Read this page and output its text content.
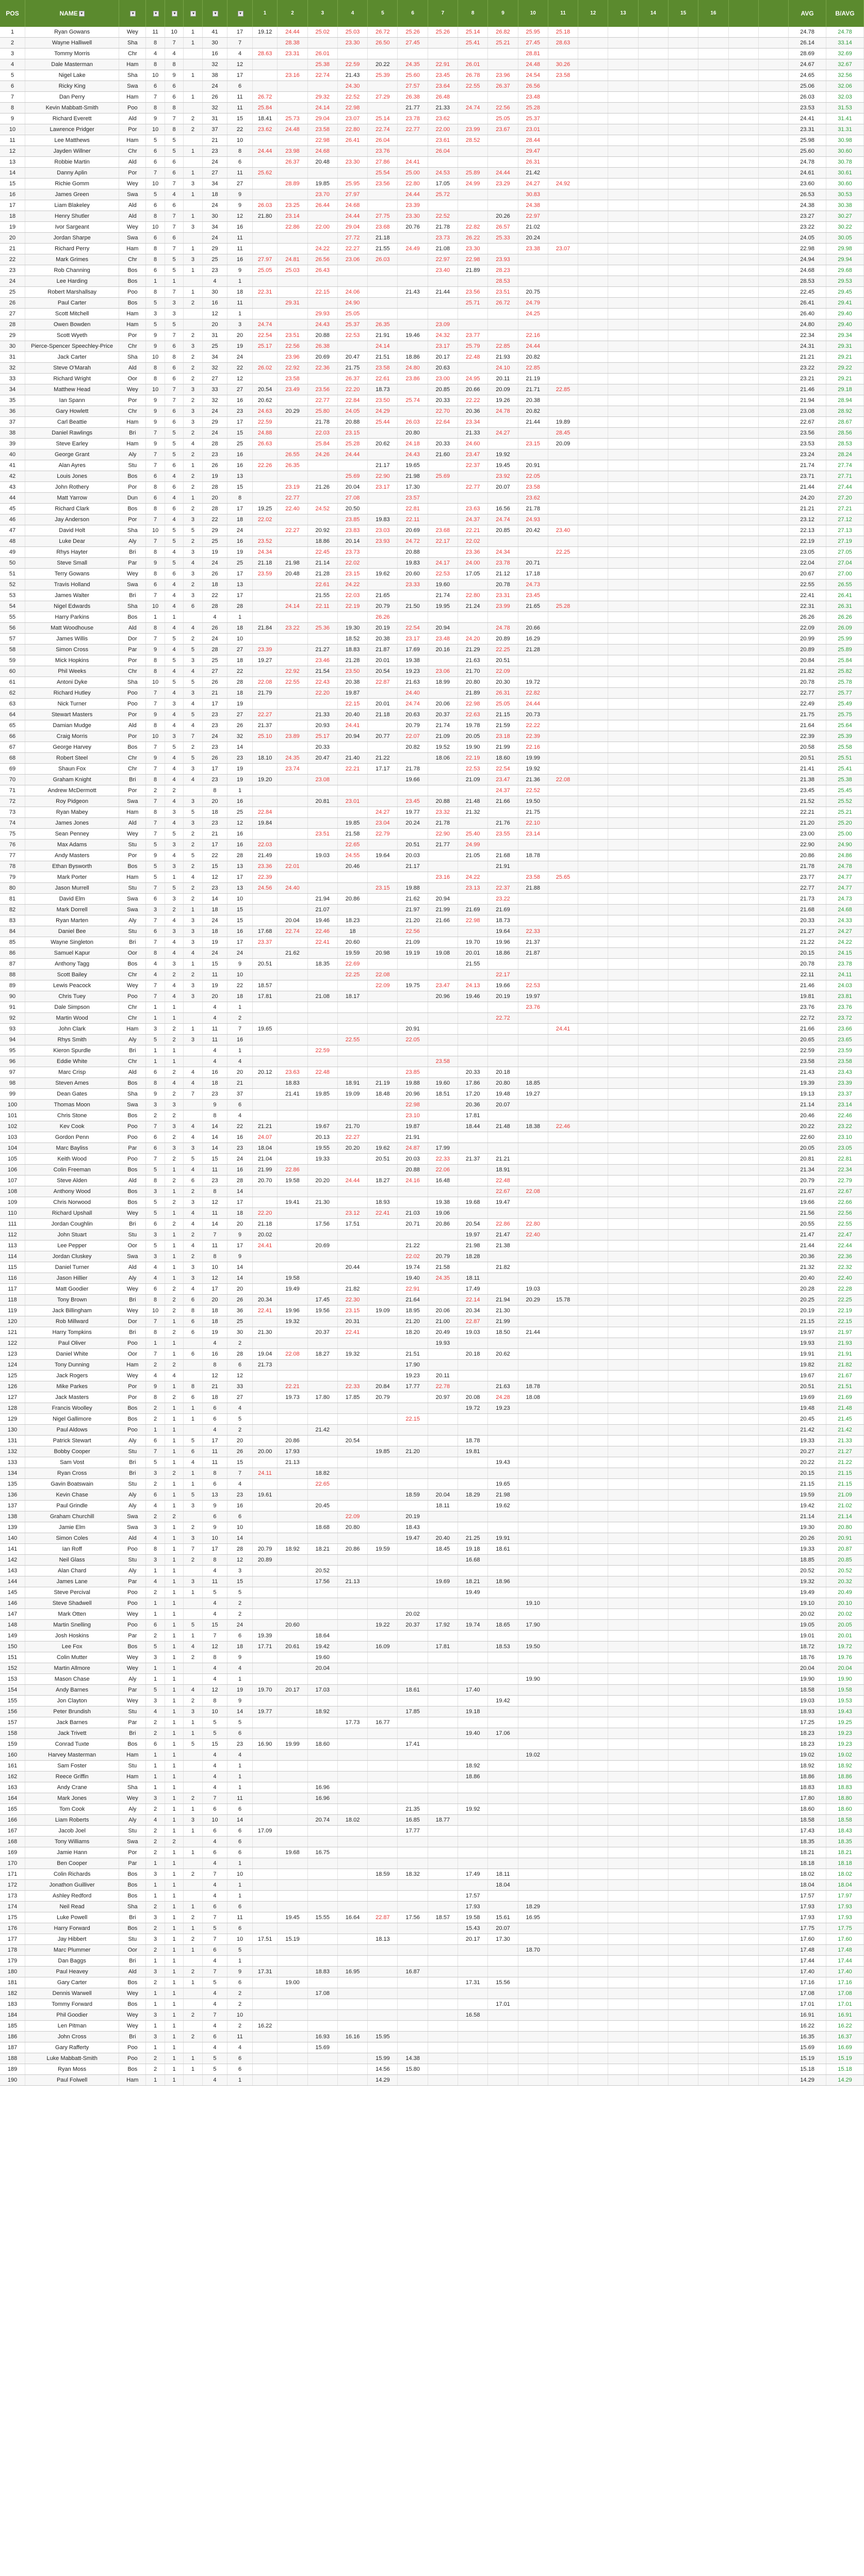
POS	NAME ▾	▾	▾	▾	▾	▾	▾	1	2	3	4	5	6	7	8	9	10	11	12	13	14	15	16			AVG	B/AVG
1	Ryan Gowans	Wey	11	10	1	41	17	19.12	24.44	25.02	25.03	26.72	25.26	25.26	25.14	26.82	25.95	25.18								24.78	24.78
2	Wayne Halliwell	Sha	8	7	1	30	7		28.38		23.30	26.50	27.45		25.41	25.21	27.45	28.63								26.14	33.14
3	Tommy Morris	Chr	4	4		16	4	28.63	23.31	26.01							28.81									28.69	32.69
4	Dale Masterman	Ham	8	8		32	12			25.38	22.59	20.22	24.35	22.91	26.01		24.48	30.26								24.67	32.67
5	Nigel Lake	Sha	10	9	1	38	17		23.16	22.74	21.43	25.39	25.60	23.45	26.78	23.96	24.54	23.58								24.65	32.56
6	Ricky King	Swa	6	6		24	6				24.30		27.57	23.64	22.55	26.37	26.56									25.06	32.06
7	Dan Perry	Ham	7	6	1	26	11	26.72		29.32	22.52	27.29	26.38	26.48			23.48									26.03	32.03
8	Kevin Mabbatt-Smith	Poo	8	8		32	11	25.84		24.14	22.98		21.77	21.33	24.74	22.56	25.28									23.53	31.53
9	Richard Everett	Ald	9	7	2	31	15	18.41	25.73	29.04	23.07	25.14	23.78	23.62		25.05	25.37									24.41	31.41
10	Lawrence Pridger	Por	10	8	2	37	22	23.62	24.48	23.58	22.80	22.74	22.77	22.00	23.99	23.67	23.01									23.31	31.31
11	Lee Matthews	Ham	5	5		21	10			22.98	26.41	26.04		23.61	28.52		28.44									25.98	30.98
12	Jayden Willner	Chr	6	5	1	23	8	24.44	23.98	24.68		23.76		26.04			29.47									25.60	30.60
13	Robbie Martin	Ald	6	6		24	6		26.37	20.48	23.30	27.86	24.41				26.31									24.78	30.78
14	Danny Aplin	Por	7	6	1	27	11	25.62				25.54	25.00	24.53	25.89	24.44	21.42									24.61	30.61
15	Richie Gomm	Wey	10	7	3	34	27		28.89	19.85	25.95	23.56	22.80	17.05	24.99	23.29	24.27	24.92								23.60	30.60
16	James Green	Swa	5	4	1	18	9			23.70	27.97		24.44	25.72			30.83									26.53	30.53
17	Liam Blakeley	Ald	6	6		24	9	26.03	23.25	26.44	24.68		23.39				24.38									24.38	30.38
18	Henry Shutler	Ald	8	7	1	30	12	21.80	23.14		24.44	27.75	23.30	22.52		20.26	22.97									23.27	30.27
19	Ivor Sargeant	Wey	10	7	3	34	16		22.86	22.00	29.04	23.68	20.76	21.78	22.82	26.57	21.02									23.22	30.22
20	Jordan Sharpe	Swa	6	6		24	11				27.72	21.18		23.73	26.22	25.33	20.24									24.05	30.05
21	Richard Perry	Ham	8	7	1	29	11			24.22	22.27	21.55	24.49	21.08	23.30		23.38	23.07								22.98	29.98
22	Mark Grimes	Chr	8	5	3	25	16	27.97	24.81	26.56	23.06	26.03		22.97	22.98	23.93										24.94	29.94
23	Rob Channing	Bos	6	5	1	23	9	25.05	25.03	26.43				23.40	21.89	28.23										24.68	29.68
24	Lee Harding	Bos	1	1		4	1									28.53										28.53	29.53
25	Robert Marshallsay	Poo	8	7	1	30	18	22.31		22.15	24.06		21.43	21.44	23.56	23.51	20.75									22.45	29.45
26	Paul Carter	Bos	5	3	2	16	11		29.31		24.90				25.71	26.72	24.79									26.41	29.41
27	Scott Mitchell	Ham	3	3		12	1			29.93	25.05						24.25									26.40	29.40
28	Owen Bowden	Ham	5	5		20	3	24.74		24.43	25.37	26.35		23.09												24.80	29.40
29	Scott Wyeth	Por	9	7	2	31	20	22.54	23.51	20.88	22.53	21.91	19.46	24.32	23.77		22.16									22.34	29.34
30	Pierce-Spencer Speechley-Price	Chr	9	6	3	25	19	25.17	22.56	26.38		24.14		23.17	25.79	22.85	24.44									24.31	29.31
31	Jack Carter	Sha	10	8	2	34	24		23.96	20.69	20.47	21.51	18.86	20.17	22.48	21.93	20.82									21.21	29.21
32	Steve O'Marah	Ald	8	6	2	32	22	26.02	22.92	22.36	21.75	23.58	24.80	20.63		24.10	22.85									23.22	29.22
33	Richard Wright	Oor	8	6	2	27	12		23.58		26.37	22.61	23.86	23.00	24.95	20.11	21.19									23.21	29.21
34	Matthew Head	Wey	10	7	3	33	27	20.54	23.49	23.56	22.20	18.73		20.85	20.66	20.09	21.71	22.85								21.46	29.18
35	Ian Spann	Por	9	7	2	32	16	20.62		22.77	22.84	23.50	25.74	20.33	22.22	19.26	20.38									21.94	28.94
36	Gary Howlett	Chr	9	6	3	24	23	24.63	20.29	25.80	24.05	24.29		22.70	20.36	24.78	20.82									23.08	28.92
37	Carl Beattie	Ham	9	6	3	29	17	22.59		21.78	20.88	25.44	26.03	22.64	23.34		21.44	19.89								22.67	28.67
38	Daniel Rawlings	Bri	7	5	2	24	15	24.88		22.03	23.15		20.80		21.33	24.27		28.45								23.56	28.56
39	Steve Earley	Ham	9	5	4	28	25	26.63		25.84	25.28	20.62	24.18	20.33	24.60		23.15	20.09								23.53	28.53
40	George Grant	Aly	7	5	2	23	16		26.55	24.26	24.44		24.43	21.60	23.47	19.92										23.24	28.24
41	Alan Ayres	Stu	7	6	1	26	16	22.26	26.35			21.17	19.65		22.37	19.45	20.91									21.74	27.74
42	Louis Jones	Bos	6	4	2	19	13				25.69	22.90	21.98	25.69		23.92	22.05									23.71	27.71
43	John Rothery	Por	8	6	2	28	15		23.19	21.26	20.04	23.17	17.30		22.77	20.07	23.58									21.44	27.44
44	Matt Yarrow	Dun	6	4	1	20	8		22.77		27.08		23.57				23.62									24.20	27.20
45	Richard Clark	Bos	8	6	2	28	17	19.25	22.40	24.52	20.50		22.81		23.63	16.56	21.78									21.21	27.21
46	Jay Anderson	Por	7	4	3	22	18	22.02			23.85	19.83	22.11		24.37	24.74	24.93									23.12	27.12
47	David Holt	Sha	10	5	5	29	24		22.27	20.92	23.83	23.03	20.69	23.68	22.21	20.85	20.42	23.40								22.13	27.13
48	Luke Dear	Aly	7	5	2	25	16	23.52		18.86	20.14	23.93	24.72	22.17	22.02											22.19	27.19
49	Rhys Hayter	Bri	8	4	3	19	19	24.34		22.45	23.73		20.88		23.36	24.34		22.25								23.05	27.05
50	Steve Small	Par	9	5	4	24	25	21.18	21.98	21.14	22.02		19.83	24.17	24.00	23.78	20.71									22.04	27.04
51	Terry Gowans	Wey	8	6	3	26	17	23.59	20.48	21.28	23.15	19.62	20.60	22.53	17.05	21.12	17.18									20.67	27.00
52	Travis Holland	Swa	6	4	2	18	13			22.61	24.22		23.33	19.60		20.78	24.73									22.55	26.55
53	James Walter	Bri	7	4	3	22	17			21.55	22.03	21.65		21.74	22.80	23.31	23.45									22.41	26.41
54	Nigel Edwards	Sha	10	4	6	28	28		24.14	22.11	22.19	20.79	21.50	19.95	21.24	23.99	21.65	25.28								22.31	26.31
55	Harry Parkins	Bos	1	1		4	1					26.26														26.26	26.26
56	Matt Woodhouse	Ald	8	4	4	26	18	21.84	23.22	25.36	19.30	20.19	22.54	20.94		24.78	20.66									22.09	26.09
57	James Willis	Dor	7	5	2	24	10				18.52	20.38	23.17	23.48	24.20	20.89	16.29									20.99	25.99
58	Simon Cross	Par	9	4	5	28	27	23.39		21.27	18.83	21.87	17.69	20.16	21.29	22.25	21.28									20.89	25.89
59	Mick Hopkins	Por	8	5	3	25	18	19.27		23.46	21.28	20.01	19.38		21.63	20.51										20.84	25.84
60	Phil Weeks	Chr	8	4	4	27	22		22.92	21.54	23.50	20.54	19.23	23.06	21.70	22.09										21.82	25.82
61	Antoni Dyke	Sha	10	5	5	26	28	22.08	22.55	22.43	20.38	22.87	21.63	18.99	20.80	20.30	19.72									20.78	25.78
62	Richard Hutley	Poo	7	4	3	21	18	21.79		22.20	19.87		24.40		21.89	26.31	22.82									22.77	25.77
63	Nick Turner	Poo	7	3	4	17	19				22.15	20.01	24.74	20.06	22.98	25.05	24.44									22.49	25.49
64	Stewart Masters	Por	9	4	5	23	27	22.27		21.33	20.40	21.18	20.63	20.37	22.63	21.15	20.73									21.75	25.75
65	Damian Mudge	Ald	8	4	4	23	26	21.37		20.93	24.41		20.79	21.74	19.78	21.59	22.22									21.64	25.64
66	Craig Morris	Por	10	3	7	24	32	25.10	23.89	25.17	20.94	20.77	22.07	21.09	20.05	23.18	22.39									22.39	25.39
67	George Harvey	Bos	7	5	2	23	14			20.33			20.82	19.52	19.90	21.99	22.16									20.58	25.58
68	Robert Steel	Chr	9	4	5	26	23	18.10	24.35	20.47	21.40	21.22		18.06	22.19	18.60	19.99									20.51	25.51
69	Shaun Fox	Chr	7	4	3	17	19		23.74		22.21	17.17	21.78		22.53	22.54	19.92									21.41	25.41
70	Graham Knight	Bri	8	4	4	23	19	19.20		23.08			19.66		21.09	23.47	21.36	22.08								21.38	25.38
71	Andrew McDermott	Por	2	2		8	1									24.37	22.52									23.45	25.45
72	Roy Pidgeon	Swa	7	4	3	20	16			20.81	23.01		23.45	20.88	21.48	21.66	19.50									21.52	25.52
73	Ryan Mabey	Ham	8	3	5	18	25	22.84				24.27	19.77	23.32	21.32		21.75									22.21	25.21
74	James Jones	Ald	7	4	3	23	12	19.84			19.85	23.04	20.24	21.78		21.76	22.10									21.20	25.20
75	Sean Penney	Wey	7	5	2	21	16			23.51	21.58	22.79		22.90	25.40	23.55	23.14									23.00	25.00
76	Max Adams	Stu	5	3	2	17	16	22.03			22.65		20.51	21.77	24.99											22.90	24.90
77	Andy Masters	Por	9	4	5	22	28	21.49		19.03	24.55	19.64	20.03		21.05	21.68	18.78									20.86	24.86
78	Ethan Bysworth	Bos	5	3	2	15	13	23.36	22.01		20.46		21.17			21.91										21.78	24.78
79	Mark Porter	Ham	5	1	4	12	17	22.39						23.16	24.22		23.58	25.65								23.77	24.77
80	Jason Murrell	Stu	7	5	2	23	13	24.56	24.40			23.15	19.88		23.13	22.37	21.88									22.77	24.77
81	David Elm	Swa	6	3	2	14	10			21.94	20.86		21.62	20.94		23.22										21.73	24.73
82	Mark Dorrell	Swa	3	2	1	18	15			21.07			21.97	21.99	21.69	21.69										21.68	24.68
83	Ryan Marten	Aly	7	4	3	24	15		20.04	19.46	18.23		21.20	21.66	22.98	18.73										20.33	24.33
84	Daniel Bee	Stu	6	3	3	18	16	17.68	22.74	22.46	18		22.56			19.64	22.33									21.27	24.27
85	Wayne Singleton	Bri	7	4	3	19	17	23.37		22.41	20.60		21.09		19.70	19.96	21.37									21.22	24.22
86	Samuel Kapur	Oor	8	4	4	24	24		21.62		19.59	20.98	19.19	19.08	20.01	18.86	21.87									20.15	24.15
87	Anthony Tagg	Bos	4	3	1	15	9	20.51		18.35	22.69				21.55											20.78	23.78
88	Scott Bailey	Chr	4	2	2	11	10				22.25	22.08				22.17										22.11	24.11
89	Lewis Peacock	Wey	7	4	3	19	22	18.57				22.09	19.75	23.47	24.13	19.66	22.53									21.46	24.03
90	Chris Tuey	Poo	7	4	3	20	18	17.81		21.08	18.17			20.96	19.46	20.19	19.97									19.81	23.81
91	Dale Simpson	Chr	1	1		4	1										23.76									23.76	23.76
92	Martin Wood	Chr	1	1		4	2									22.72										22.72	23.72
93	John Clark	Ham	3	2	1	11	7	19.65					20.91					24.41								21.66	23.66
94	Rhys Smith	Aly	5	2	3	11	16				22.55		22.05													20.65	23.65
95	Kieron Spurdle	Bri	1	1		4	1			22.59																22.59	23.59
96	Eddie White	Chr	1	1		4	4							23.58												23.58	23.58
97	Marc Crisp	Ald	6	2	4	16	20	20.12	23.63	22.48			23.85		20.33	20.18										21.43	23.43
98	Steven Ames	Bos	8	4	4	18	21		18.83		18.91	21.19	19.88	19.60	17.86	20.80	18.85									19.39	23.39
99	Dean Gates	Sha	9	2	7	23	37		21.41	19.85	19.09	18.48	20.96	18.51	17.20	19.48	19.27									19.13	23.37
100	Thomas Moon	Swa	3	3		9	6						22.98		20.36	20.07										21.14	23.14
101	Chris Stone	Bos	2	2		8	4						23.10		17.81											20.46	22.46
102	Kev Cook	Poo	7	3	4	14	22	21.21		19.67	21.70		19.87		18.44	21.48	18.38	22.46								20.22	23.22
103	Gordon Penn	Poo	6	2	4	14	16	24.07		20.13	22.27		21.91													22.60	23.10
104	Marc Bayliss	Par	6	3	3	14	23	18.04		19.55	20.20	19.62	24.87	17.99												20.05	23.05
105	Keith Wood	Poo	7	2	5	15	24	21.04		19.33		20.51	20.03	22.33	21.37	21.21										20.81	22.81
106	Colin Freeman	Bos	5	1	4	11	16	21.99	22.86				20.88	22.06		18.91										21.34	22.34
107	Steve Alden	Ald	8	2	6	23	28	20.70	19.58	20.20	24.44	18.27	24.16	16.48		22.48										20.79	22.79
108	Anthony Wood	Bos	3	1	2	8	14									22.67	22.08									21.67	22.67
109	Chris Norwood	Bos	5	2	3	12	17		19.41	21.30		18.93		19.38	19.68	19.47										19.66	22.66
110	Richard Upshall	Wey	5	1	4	11	18	22.20			23.12	22.41	21.03	19.06												21.56	22.56
111	Jordan Coughlin	Bri	6	2	4	14	20	21.18		17.56	17.51		20.71	20.86	20.54	22.86	22.80									20.55	22.55
112	John Stuart	Stu	3	1	2	7	9	20.02							19.97	21.47	22.40									21.47	22.47
113	Lee Pepper	Oor	5	1	4	11	17	24.41		20.69			21.22		21.98	21.38										21.44	22.44
114	Jordan Cluskey	Swa	3	1	2	8	9						22.02	20.79	18.28											20.36	22.36
115	Daniel Turner	Ald	4	1	3	10	14				20.44		19.74	21.58		21.82										21.32	22.32
116	Jason Hillier	Aly	4	1	3	12	14		19.58				19.40	24.35	18.11											20.40	22.40
117	Matt Goodier	Wey	6	2	4	17	20		19.49		21.82		22.91		17.49		19.03									20.28	22.28
118	Tony Brown	Bri	8	2	6	20	26	20.34		17.45	22.30		21.64		22.14	21.94	20.29	15.78								20.25	22.25
119	Jack Billingham	Wey	10	2	8	18	36	22.41	19.96	19.56	23.15	19.09	18.95	20.06	20.34	21.30										20.19	22.19
120	Rob Millward	Dor	7	1	6	18	25		19.32		20.31		21.20	21.00	22.87	21.99										21.15	22.15
121	Harry Tompkins	Bri	8	2	6	19	30	21.30		20.37	22.41		18.20	20.49	19.03	18.50	21.44									19.97	21.97
122	Paul Oliver	Poo	1	1		4	2							19.93												19.93	21.93
123	Daniel White	Oor	7	1	6	16	28	19.04	22.08	18.27	19.32		21.51		20.18	20.62										19.91	21.91
124	Tony Dunning	Ham	2	2		8	6	21.73					17.90													19.82	21.82
125	Jack Rogers	Wey	4	4		12	12						19.23	20.11												19.67	21.67
126	Mike Parkes	Por	9	1	8	21	33		22.21		22.33	20.84	17.77	22.78		21.63	18.78									20.51	21.51
127	Jack Masters	Por	8	2	6	18	27		19.73	17.80	17.85	20.79		20.97	20.08	24.28	18.08									19.69	21.69
128	Francis Woolley	Bos	2	1	1	6	4								19.72	19.23										19.48	21.48
129	Nigel Gallimore	Bos	2	1	1	6	5						22.15													20.45	21.45
130	Paul Aldows	Poo	1	1		4	2			21.42																21.42	21.42
131	Patrick Stewart	Aly	6	1	5	17	20		20.86		20.54				18.78											19.33	21.33
132	Bobby Cooper	Stu	7	1	6	11	26	20.00	17.93			19.85	21.20		19.81											20.27	21.27
133	Sam Vost	Bri	5	1	4	11	15		21.13							19.43										20.22	21.22
134	Ryan Cross	Bri	3	2	1	8	7	24.11		18.82																20.15	21.15
135	Gavin Boatswain	Stu	2	1	1	6	4			22.65						19.65										21.15	21.15
136	Kevin Chase	Aly	6	1	5	13	23	19.61					18.59	20.04	18.29	21.98										19.59	21.09
137	Paul Grindle	Aly	4	1	3	9	16			20.45				18.11		19.62										19.42	21.02
138	Graham Churchill	Swa	2	2		6	6				22.09		20.19													21.14	21.14
139	Jamie Elm	Swa	3	1	2	9	10			18.68	20.80		18.43													19.30	20.80
140	Simon Coles	Ald	4	1	3	10	14						19.47	20.40	21.25	19.91										20.26	20.91
141	Ian Roff	Poo	8	1	7	17	28	20.79	18.92	18.21	20.86	19.59		18.45	19.18	18.61										19.33	20.87
142	Neil Glass	Stu	3	1	2	8	12	20.89							16.68											18.85	20.85
143	Alan Chard	Aly	1	1		4	3			20.52																20.52	20.52
144	James Lane	Par	4	1	3	11	15			17.56	21.13			19.69	18.21	18.96										19.32	20.32
145	Steve Percival	Poo	2	1	1	5	5								19.49											19.49	20.49
146	Steve Shadwell	Poo	1	1		4	2										19.10									19.10	20.10
147	Mark Otten	Wey	1	1		4	2						20.02													20.02	20.02
148	Martin Snelling	Poo	6	1	5	15	24		20.60			19.22	20.37	17.92	19.74	18.65	17.90									19.05	20.05
149	Josh Hoskins	Par	2	1	1	7	6	19.39		18.64																19.01	20.01
150	Lee Fox	Bos	5	1	4	12	18	17.71	20.61	19.42		16.09		17.81		18.53	19.50									18.72	19.72
151	Colin Mutter	Wey	3	1	2	8	9			19.60																18.76	19.76
152	Martin Allmore	Wey	1	1		4	4			20.04																20.04	20.04
153	Mason Chase	Aly	1	1		4	1										19.90									19.90	19.90
154	Andy Barnes	Par	5	1	4	12	19	19.70	20.17	17.03			18.61		17.40											18.58	19.58
155	Jon Clayton	Wey	3	1	2	8	9									19.42										19.03	19.53
156	Peter Brundish	Stu	4	1	3	10	14	19.77		18.92			17.85		19.18											18.93	19.43
157	Jack Barnes	Par	2	1	1	5	5				17.73	16.77														17.25	19.25
158	Jack Trivett	Bri	2	1	1	5	6								19.40	17.06										18.23	19.23
159	Conrad Tuxte	Bos	6	1	5	15	23	16.90	19.99	18.60			17.41													18.23	19.23
160	Harvey Masterman	Ham	1	1		4	4										19.02									19.02	19.02
161	Sam Foster	Stu	1	1		4	1								18.92											18.92	18.92
162	Reece Griffin	Ham	1	1		4	1								18.86											18.86	18.86
163	Andy Crane	Sha	1	1		4	1			16.96																18.83	18.83
164	Mark Jones	Wey	3	1	2	7	11			16.96																17.80	18.80
165	Tom Cook	Aly	2	1	1	6	6						21.35		19.92											18.60	18.60
166	Liam Roberts	Aly	4	1	3	10	14			20.74	18.02		16.85	18.77												18.58	18.58
167	Jacob Joel	Stu	2	1	1	6	6	17.09					17.77													17.43	18.43
168	Tony Williams	Swa	2	2		4	6																			18.35	18.35
169	Jamie Hann	Por	2	1	1	6	6		19.68	16.75																18.21	18.21
170	Ben Cooper	Par	1	1		4	1																			18.18	18.18
171	Colin Richards	Bos	3	1	2	7	10					18.59	18.32		17.49	18.11										18.02	18.02
172	Jonathon Guilliver	Bos	1	1		4	1									18.04										18.04	18.04
173	Ashley Redford	Bos	1	1		4	1								17.57											17.57	17.97
174	Neil Read	Sha	2	1	1	6	6								17.93		18.29									17.93	17.93
175	Luke Powell	Bri	3	1	2	7	11		19.45	15.55	16.64	22.87	17.56	18.57	19.58	15.61	16.95									17.93	17.93
176	Harry Forward	Bos	2	1	1	5	6								15.43	20.07										17.75	17.75
177	Jay Hibbert	Stu	3	1	2	7	10	17.51	15.19			18.13			20.17	17.30										17.60	17.60
178	Marc Plummer	Oor	2	1	1	6	5										18.70									17.48	17.48
179	Dan Baggs	Bri	1	1		4	1																			17.44	17.44
180	Paul Heavey	Ald	3	1	2	7	9	17.31		18.83	16.95		16.87													17.40	17.40
181	Gary Carter	Bos	2	1	1	5	6		19.00						17.31	15.56										17.16	17.16
182	Dennis Warwell	Wey	1	1		4	2			17.08																17.08	17.08
183	Tommy Forward	Bos	1	1		4	2									17.01										17.01	17.01
184	Phil Goodier	Wey	3	1	2	7	10								16.58											16.91	16.91
185	Len Pitman	Wey	1	1		4	2	16.22																		16.22	16.22
186	John Cross	Bri	3	1	2	6	11			16.93	16.16	15.95														16.35	16.37
187	Gary Rafferty	Poo	1	1		4	4			15.69																15.69	16.69
188	Luke Mabbatt-Smith	Poo	2	1	1	5	6					15.99	14.38													15.19	15.19
189	Ryan Moss	Bos	2	1	1	5	6					14.56	15.80													15.18	15.18
190	Paul Folwell	Ham	1	1		4	1					14.29														14.29	14.29
